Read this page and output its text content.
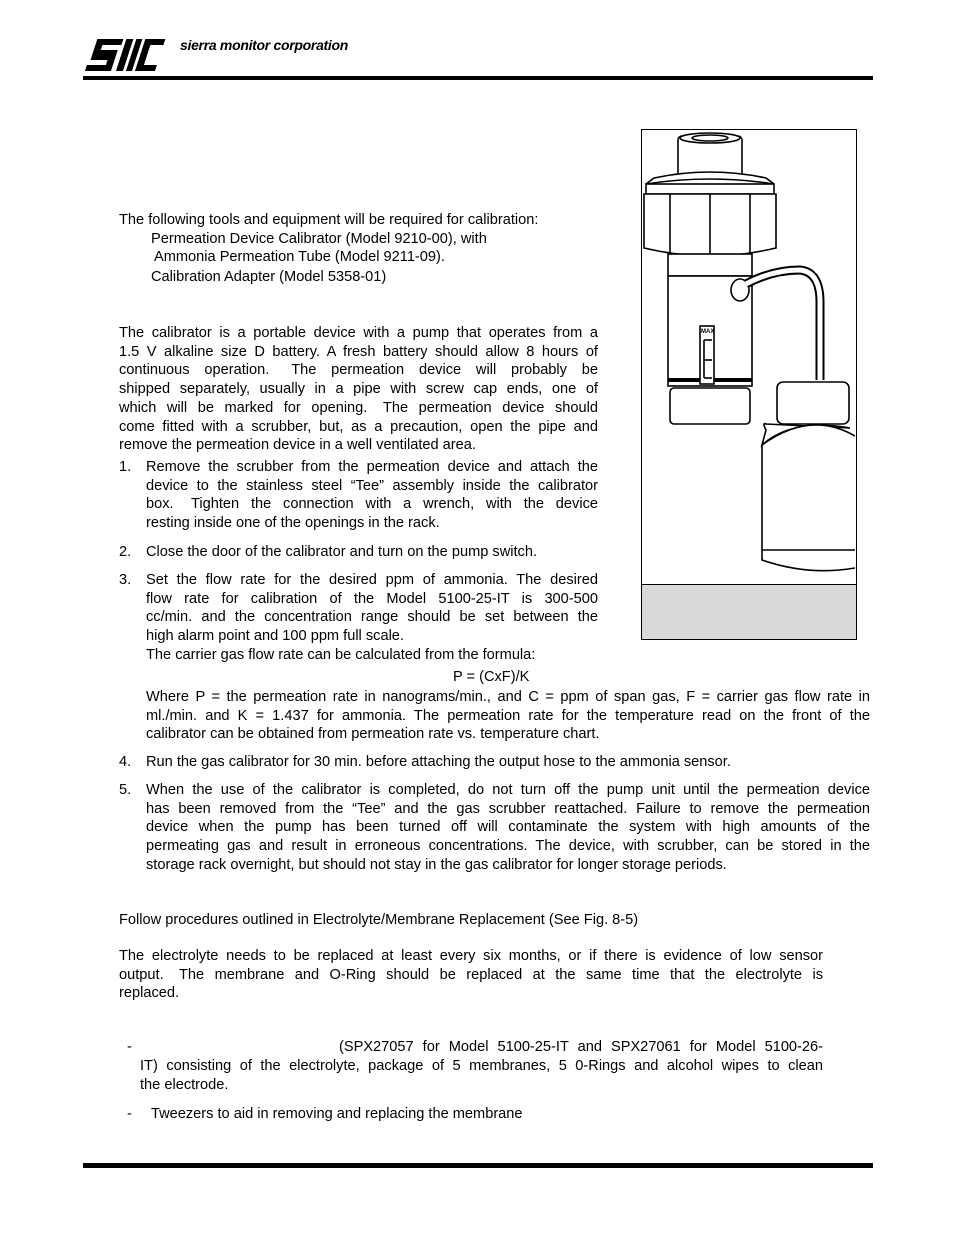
sierra monitor corporation
MAX
The following tools and equipment will be required for calibration:
Permeation Device Calibrator (Model 9210-00), with
Ammonia Permeation Tube (Model 9211-09).
Calibration Adapter (Model 5358-01)
The calibrator is a portable device with a pump that operates from a
1.5 V alkaline size D battery. A fresh battery should allow 8 hours of
continuous  operation.   The  permeation  device  will  probably  be
shipped separately, usually in a pipe with screw cap ends, one of
which  will  be  marked  for  opening.   The  permeation  device  should
come fitted with a scrubber, but, as a precaution, open the pipe and
remove the permeation device in a well ventilated area.
1. Remove the scrubber from the permeation device and attach the
device to the stainless steel “Tee” assembly inside the calibrator
box.   Tighten  the  connection  with  a  wrench,  with  the  device
resting inside one of the openings in the rack.
2. Close the door of the calibrator and turn on the pump switch.
3. Set the flow rate for the desired ppm of ammonia. The desired
flow  rate  for  calibration  of  the  Model  5100-25-IT  is  300-500
cc/min. and the concentration range should be set between the
high alarm point and 100 ppm full scale.
The carrier gas flow rate can be calculated from the formula:
P = (CxF)/K
Where P = the permeation rate in nanograms/min., and C = ppm of span gas, F = carrier gas flow rate in
ml./min. and K = 1.437 for ammonia. The permeation rate for the temperature read on the front of the
calibrator can be obtained from permeation rate vs. temperature chart.
4. Run the gas calibrator for 30 min. before attaching the output hose to the ammonia sensor.
5. When the use of the calibrator is completed, do not turn off the pump unit until the permeation device
has been removed from the “Tee” and the gas scrubber reattached. Failure to remove the permeation
device when the pump has been turned off will contaminate the system with high amounts of the
permeating gas and result in erroneous concentrations. The device, with scrubber, can be stored in the
storage rack overnight, but should not stay in the gas calibrator for longer storage periods.
Follow procedures outlined in Electrolyte/Membrane Replacement (See Fig. 8-5)
The electrolyte needs to be replaced at least every six months, or if there is evidence of low sensor
output.   The  membrane  and  O-Ring  should  be  replaced  at  the  same  time  that  the  electrolyte  is
replaced.
-	(SPX27057 for Model 5100-25-IT and SPX27061 for Model 5100-26-
IT) consisting of the electrolyte, package of 5 membranes, 5 0-Rings and alcohol wipes to clean
the electrode.
- Tweezers to aid in removing and replacing the membrane
